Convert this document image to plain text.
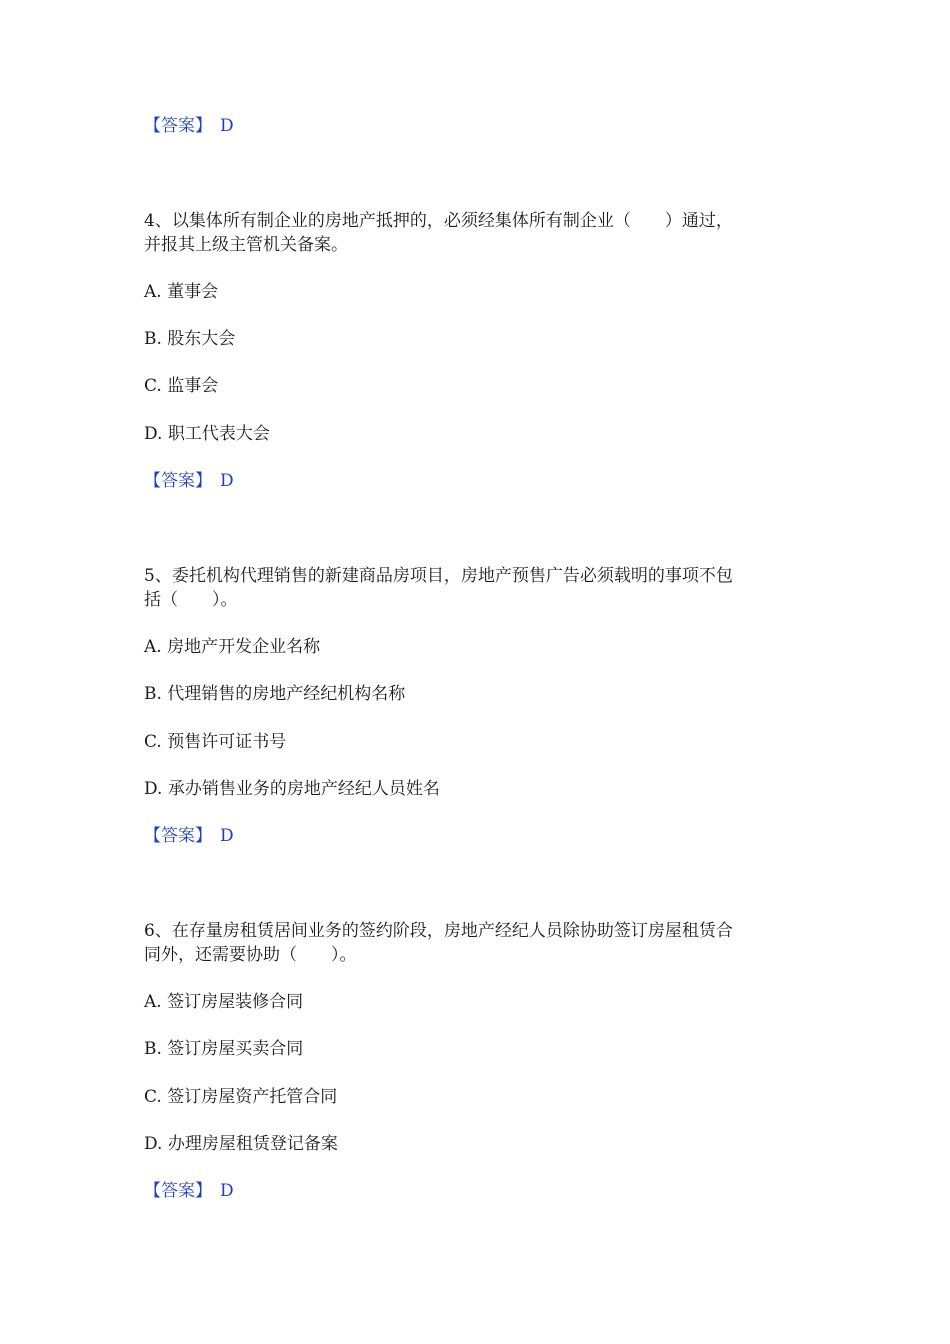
【答案】 D
4、以集体所有制企业的房地产抵押的，必须经集体所有制企业（　　）通过，
并报其上级主管机关备案。
A. 董事会
B. 股东大会
C. 监事会
D. 职工代表大会
【答案】 D
5、委托机构代理销售的新建商品房项目，房地产预售广告必须载明的事项不包
括（　　）。
A. 房地产开发企业名称
B. 代理销售的房地产经纪机构名称
C. 预售许可证书号
D. 承办销售业务的房地产经纪人员姓名
【答案】 D
6、在存量房租赁居间业务的签约阶段，房地产经纪人员除协助签订房屋租赁合
同外，还需要协助（　　）。
A. 签订房屋装修合同
B. 签订房屋买卖合同
C. 签订房屋资产托管合同
D. 办理房屋租赁登记备案
【答案】 D
